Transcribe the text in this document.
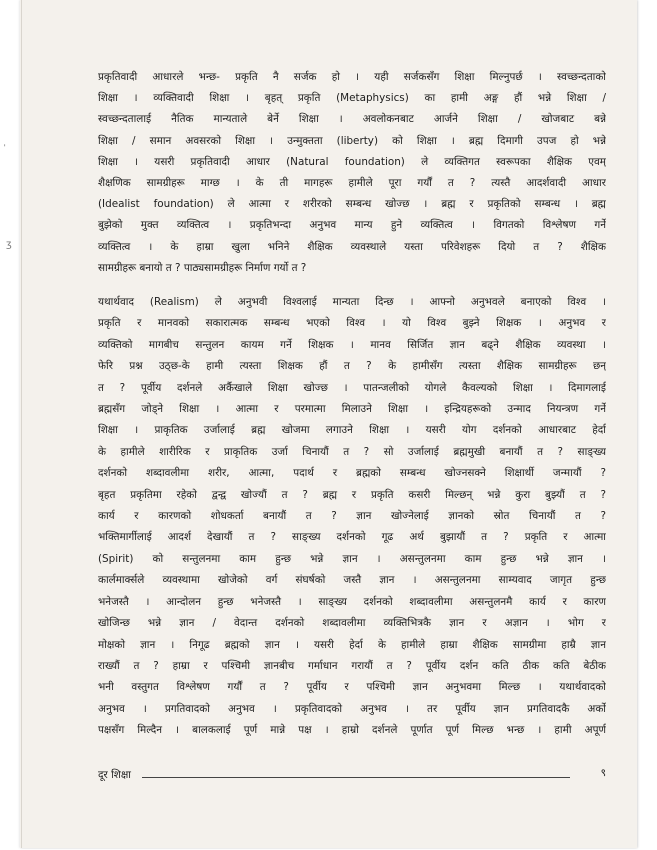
ʒ
प्रकृतिवादी आधारले भन्छ- प्रकृति नै सर्जक हो । यही सर्जकसँग शिक्षा मिल्नुपर्छ । स्वच्छन्दताको
शिक्षा । व्यक्तिवादी शिक्षा । बृहत् प्रकृति (Metaphysics) का हामी अङ्ग हौं भन्ने शिक्षा /
स्वच्छन्दतालाई नैतिक मान्यताले बेर्ने शिक्षा । अवलोकनबाट आर्जने शिक्षा / खोजबाट बन्ने
शिक्षा / समान अवसरको शिक्षा । उन्मुक्तता (liberty) को शिक्षा । ब्रह्म दिमागी उपज हो भन्ने
शिक्षा । यसरी प्रकृतिवादी आधार (Natural foundation) ले व्यक्तिगत स्वरूपका शैक्षिक एवम्
शैक्षणिक सामग्रीहरू माग्छ । के ती मागहरू हामीले पूरा गर्यौं त ? त्यस्तै आदर्शवादी आधार
(Idealist foundation) ले आत्मा र शरीरको सम्बन्ध खोज्छ । ब्रह्म र प्रकृतिको सम्बन्ध । ब्रह्म
बुझेको मुक्त व्यक्तित्व । प्रकृतिभन्दा अनुभव मान्य हुने व्यक्तित्व । विगतको विश्लेषण गर्ने
व्यक्तित्व । के हाम्रा खुला भनिने शैक्षिक व्यवस्थाले यस्ता परिवेशहरू दियो त ? शैक्षिक
सामग्रीहरू बनायो त ? पाठ्यसामग्रीहरू निर्माण गर्यो त ?
यथार्थवाद (Realism) ले अनुभवी विश्वलाई मान्यता दिन्छ । आफ्नो अनुभवले बनाएको विश्व ।
प्रकृति र मानवको सकारात्मक सम्बन्ध भएको विश्व । यो विश्व बुझ्ने शिक्षक । अनुभव र
व्यक्तिको मागबीच सन्तुलन कायम गर्ने शिक्षक । मानव सिर्जित ज्ञान बढ्ने शैक्षिक व्यवस्था ।
फेरि प्रश्न उठ्छ-के हामी त्यस्ता शिक्षक हौं त ? के हामीसँग त्यस्ता शैक्षिक सामग्रीहरू छन्
त ? पूर्वीय दर्शनले अर्कैखाले शिक्षा खोज्छ । पातन्जलीको योगले कैवल्यको शिक्षा । दिमागलाई
ब्रह्मसँग जोड्ने शिक्षा । आत्मा र परमात्मा मिलाउने शिक्षा । इन्द्रियहरूको उन्माद नियन्त्रण गर्ने
शिक्षा । प्राकृतिक उर्जालाई ब्रह्म खोजमा लगाउने शिक्षा । यसरी योग दर्शनको आधारबाट हेर्दा
के हामीले शारीरिक र प्राकृतिक उर्जा चिनायौं त ? सो उर्जालाई ब्रह्ममुखी बनायौं त ? साङ्ख्य
दर्शनको शब्दावलीमा शरीर, आत्मा, पदार्थ र ब्रह्मको सम्बन्ध खोज्नसक्ने शिक्षार्थी जन्मायौं ?
बृहत प्रकृतिमा रहेको द्वन्द्व खोज्यौं त ? ब्रह्म र प्रकृति कसरी मिल्छन् भन्ने कुरा बुझ्यौं त ?
कार्य र कारणको शोधकर्ता बनायौं त ? ज्ञान खोज्नेलाई ज्ञानको स्रोत चिनायौं त ?
भक्तिमार्गीलाई आदर्श देखायौं त ? साङ्ख्य दर्शनको गूढ अर्थ बुझायौं त ? प्रकृति र आत्मा
(Spirit) को सन्तुलनमा काम हुन्छ भन्ने ज्ञान । असन्तुलनमा काम हुन्छ भन्ने ज्ञान ।
कार्लमार्क्सले व्यवस्थामा खोजेको वर्ग संघर्षको जस्तै ज्ञान । असन्तुलनमा साम्यवाद जागृत हुन्छ
भनेजस्तै । आन्दोलन हुन्छ भनेजस्तै । साङ्ख्य दर्शनको शब्दावलीमा असन्तुलनमै कार्य र कारण
खोजिन्छ भन्ने ज्ञान / वेदान्त दर्शनको शब्दावलीमा व्यक्तिभित्रकै ज्ञान र अज्ञान । भोग र
मोक्षको ज्ञान । निगूढ ब्रह्मको ज्ञान । यसरी हेर्दा के हामीले हाम्रा शैक्षिक सामग्रीमा हाम्रै ज्ञान
राख्यौं त ? हाम्रा र पश्चिमी ज्ञानबीच गर्माधान गरायौं त ? पूर्वीय दर्शन कति ठीक कति बेठीक
भनी वस्तुगत विश्लेषण गर्यौं त ? पूर्वीय र पश्चिमी ज्ञान अनुभवमा मिल्छ । यथार्थवादको
अनुभव । प्रगतिवादको अनुभव । प्रकृतिवादको अनुभव । तर पूर्वीय ज्ञान प्रगतिवादकै अर्को
पक्षसँग मिल्दैन । बालकलाई पूर्ण मान्ने पक्ष । हाम्रो दर्शनले पूर्णात पूर्ण मिल्छ भन्छ । हामी अपूर्ण
दूर शिक्षा	९
